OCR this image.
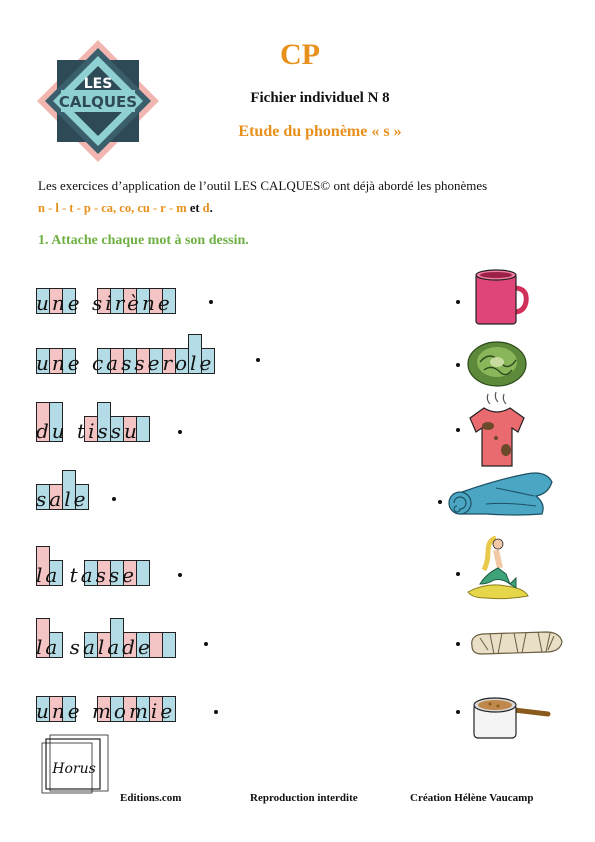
LES
CALQUES
CP
Fichier individuel N 8
Etude du phonème « s »
Les exercices d’application de l’outil LES CALQUES© ont déjà abordé les phonèmes
n - l - t - p - ca, co, cu - r - m et d.
1. Attache chaque mot à son dessin.
une sirène
une casserole
du tissu
sale
la tasse
la salade
une momie
Horus
Editions.com	Reproduction interdite	Création Hélène Vaucamp
